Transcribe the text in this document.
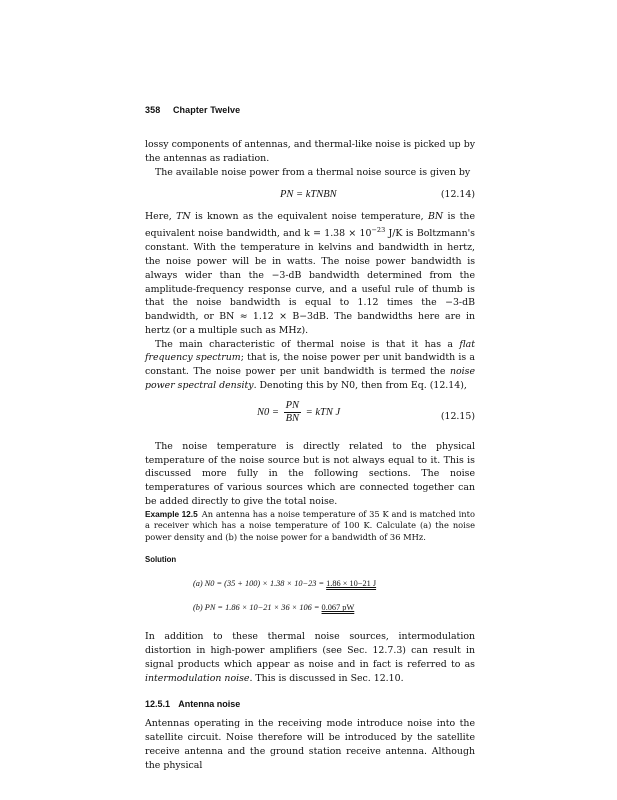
358 Chapter Twelve

lossy components of antennas, and thermal-like noise is picked up by the antennas as radiation.

The available noise power from a thermal noise source is given by

PN = kTNBN	(12.14)

Here, TN is known as the equivalent noise temperature, BN is the equivalent noise bandwidth, and $k = 1.38 \times 10^{-23}$ J/K is Boltzmann's constant. With the temperature in kelvins and bandwidth in hertz, the noise power will be in watts. The noise power bandwidth is always wider than the −3-dB bandwidth determined from the amplitude-frequency response curve, and a useful rule of thumb is that the noise bandwidth is equal to 1.12 times the −3-dB bandwidth, or BN ≈ 1.12 × B−3dB. The bandwidths here are in hertz (or a multiple such as MHz).

The main characteristic of thermal noise is that it has a flat frequency spectrum; that is, the noise power per unit bandwidth is a constant. The noise power per unit bandwidth is termed the noise power spectral density. Denoting this by N0, then from Eq. (12.14),

$N0 = \frac{PN}{BN}$ = kTN J	(12.15)

The noise temperature is directly related to the physical temperature of the noise source but is not always equal to it. This is discussed more fully in the following sections. The noise temperatures of various sources which are connected together can be added directly to give the total noise.

Example 12.5 An antenna has a noise temperature of 35 K and is matched into a receiver which has a noise temperature of 100 K. Calculate (a) the noise power density and (b) the noise power for a bandwidth of 36 MHz.

Solution
(a) N0 = (35 + 100) × 1.38 × 10−23 = 1.86 × 10−21 J
(b) PN = 1.86 × 10−21 × 36 × 106 = 0.067 pW

In addition to these thermal noise sources, intermodulation distortion in high-power amplifiers (see Sec. 12.7.3) can result in signal products which appear as noise and in fact is referred to as intermodulation noise. This is discussed in Sec. 12.10.

12.5.1 Antenna noise

Antennas operating in the receiving mode introduce noise into the satellite circuit. Noise therefore will be introduced by the satellite receive antenna and the ground station receive antenna. Although the physical
